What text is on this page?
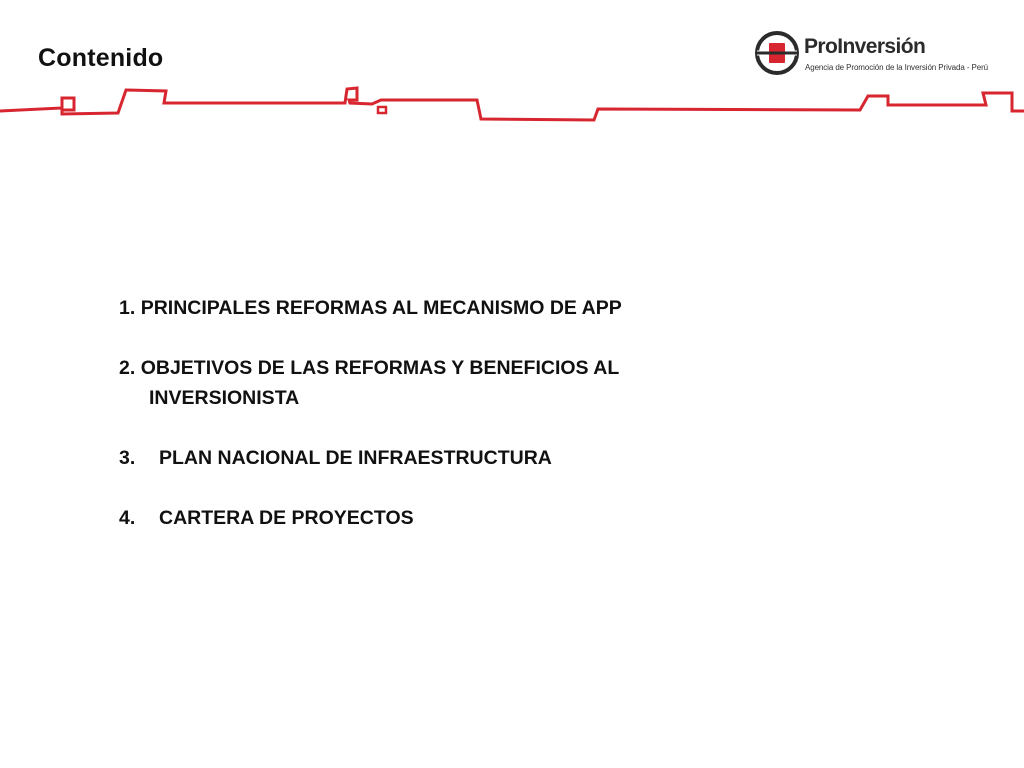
Contenido	ProInversión
Agencia de Promoción de la Inversión Privada - Perú
1. PRINCIPALES REFORMAS AL MECANISMO DE APP
2. OBJETIVOS DE LAS REFORMAS Y BENEFICIOS AL
INVERSIONISTA
3. PLAN NACIONAL DE INFRAESTRUCTURA
4. CARTERA DE PROYECTOS
